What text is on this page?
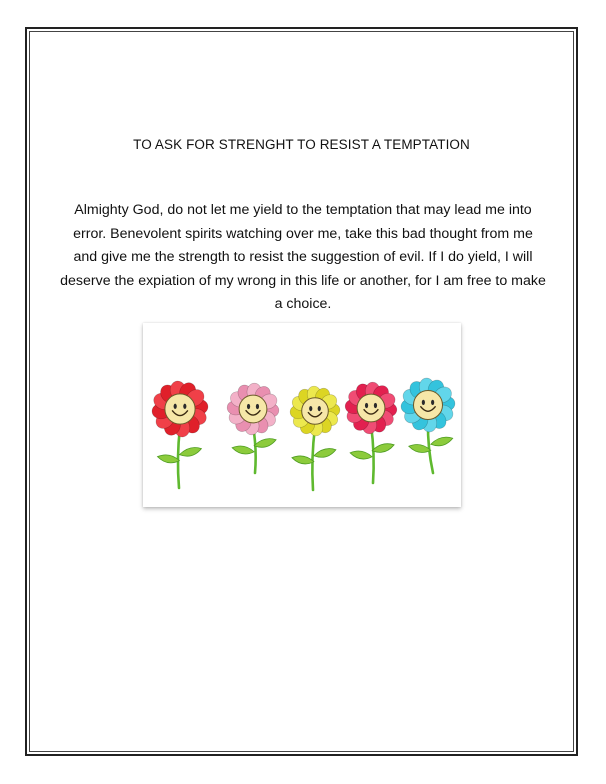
TO ASK FOR STRENGHT TO RESIST A TEMPTATION
Almighty God, do not let me yield to the temptation that may lead me into error. Benevolent spirits watching over me, take this bad thought from me and give me the strength to resist the suggestion of evil. If I do yield, I will deserve the expiation of my wrong in this life or another, for I am free to make a choice.
